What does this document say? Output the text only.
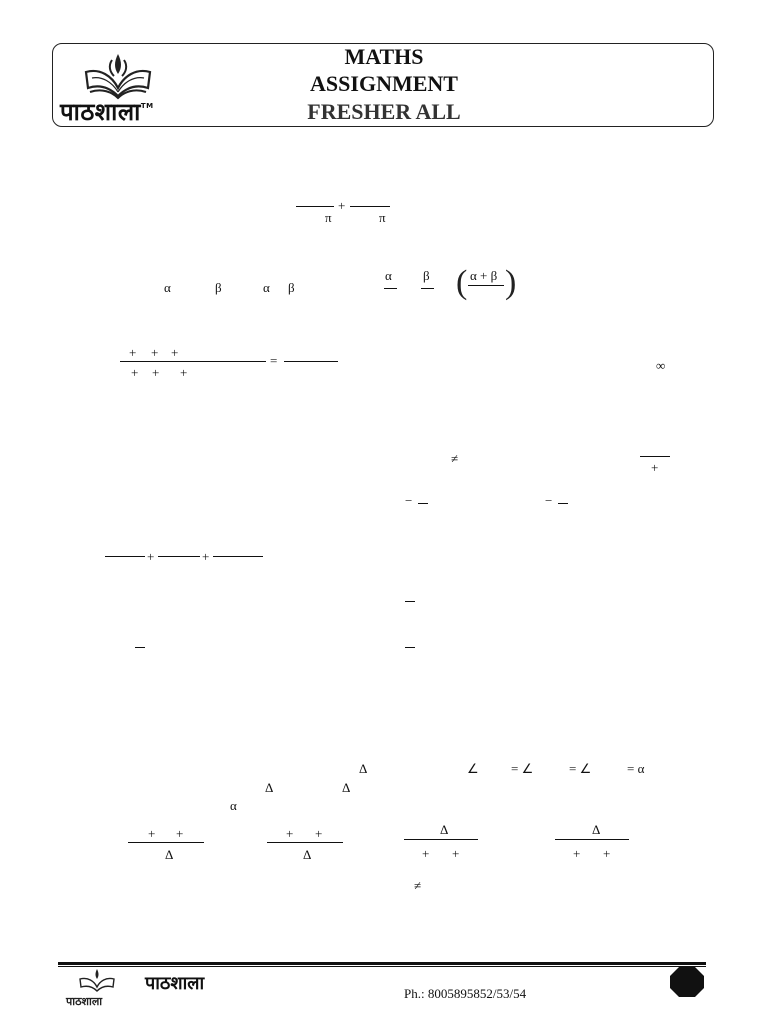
पाठशाला™
MATHS
ASSIGNMENT
FRESHER ALL
+
π	π
α	β	α β
α β ( α + β )
+ + +
=
+ + +	∞
≠
+
−	−
+	+
Δ	∠ = ∠	= ∠	= α
Δ	Δ
α
+ +
Δ
+ +
Δ
Δ
+ +
Δ
+ +
≠
पाठशाला
पाठशाला	Ph.: 8005895852/53/54
